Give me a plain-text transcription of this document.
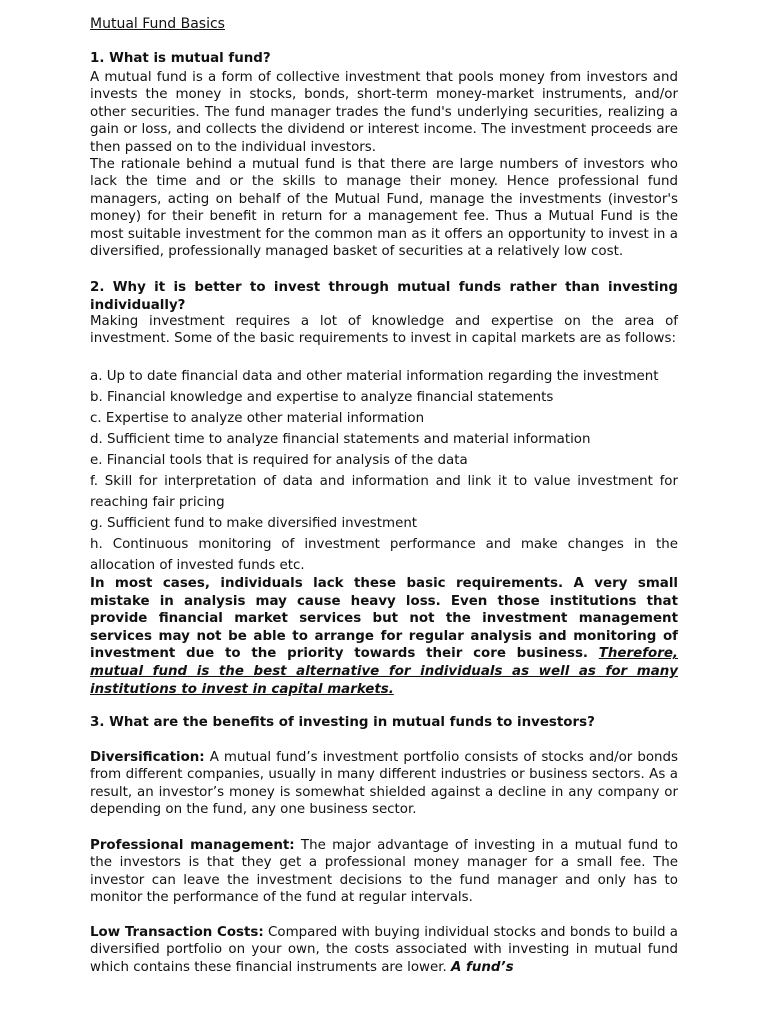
Mutual Fund Basics
1. What is mutual fund?

A mutual fund is a form of collective investment that pools money from investors and invests the money in stocks, bonds, short-term money-market instruments, and/or other securities. The fund manager trades the fund's underlying securities, realizing a gain or loss, and collects the dividend or interest income. The investment proceeds are then passed on to the individual investors.

The rationale behind a mutual fund is that there are large numbers of investors who lack the time and or the skills to manage their money. Hence professional fund managers, acting on behalf of the Mutual Fund, manage the investments (investor's money) for their benefit in return for a management fee. Thus a Mutual Fund is the most suitable investment for the common man as it offers an opportunity to invest in a diversified, professionally managed basket of securities at a relatively low cost.

2. Why it is better to invest through mutual funds rather than investing individually?

Making investment requires a lot of knowledge and expertise on the area of investment. Some of the basic requirements to invest in capital markets are as follows:

a. Up to date financial data and other material information regarding the investment
b. Financial knowledge and expertise to analyze financial statements
c. Expertise to analyze other material information
d. Sufficient time to analyze financial statements and material information
e. Financial tools that is required for analysis of the data
f. Skill for interpretation of data and information and link it to value investment for reaching fair pricing
g. Sufficient fund to make diversified investment
h. Continuous monitoring of investment performance and make changes in the allocation of invested funds etc.

In most cases, individuals lack these basic requirements. A very small mistake in analysis may cause heavy loss. Even those institutions that provide financial market services but not the investment management services may not be able to arrange for regular analysis and monitoring of investment due to the priority towards their core business. Therefore, mutual fund is the best alternative for individuals as well as for many institutions to invest in capital markets.

3. What are the benefits of investing in mutual funds to investors?

Diversification: A mutual fund’s investment portfolio consists of stocks and/or bonds from different companies, usually in many different industries or business sectors. As a result, an investor’s money is somewhat shielded against a decline in any company or depending on the fund, any one business sector.

Professional management: The major advantage of investing in a mutual fund to the investors is that they get a professional money manager for a small fee. The investor can leave the investment decisions to the fund manager and only has to monitor the performance of the fund at regular intervals.

Low Transaction Costs: Compared with buying individual stocks and bonds to build a diversified portfolio on your own, the costs associated with investing in mutual fund which contains these financial instruments are lower. A fund’s
